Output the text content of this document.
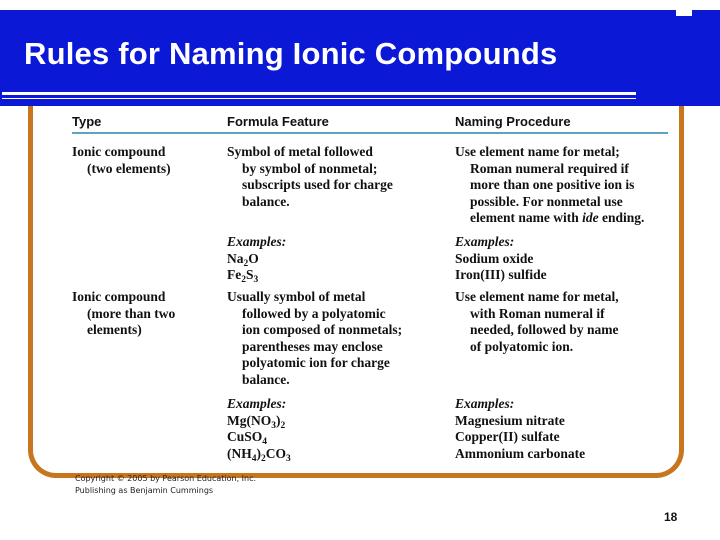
Rules for Naming Ionic Compounds
Type	Formula Feature	Naming Procedure
Ionic compound
(two elements)
Symbol of metal followed
by symbol of nonmetal;
subscripts used for charge
balance.
Use element name for metal;
Roman numeral required if
more than one positive ion is
possible. For nonmetal use
element name with ide ending.
Examples:
$Na_2O$
$Fe_2S_3$
Examples:
Sodium oxide
Iron(III) sulfide
Ionic compound
(more than two
elements)
Usually symbol of metal
followed by a polyatomic
ion composed of nonmetals;
parentheses may enclose
polyatomic ion for charge
balance.
Use element name for metal,
with Roman numeral if
needed, followed by name
of polyatomic ion.
Examples:
$Mg(NO_3)_2$
CuSO$_4$
$(NH_4)_2CO_3$
Examples:
Magnesium nitrate
Copper(II) sulfate
Ammonium carbonate
Copyright © 2005 by Pearson Education, Inc.
Publishing as Benjamin Cummings
18
